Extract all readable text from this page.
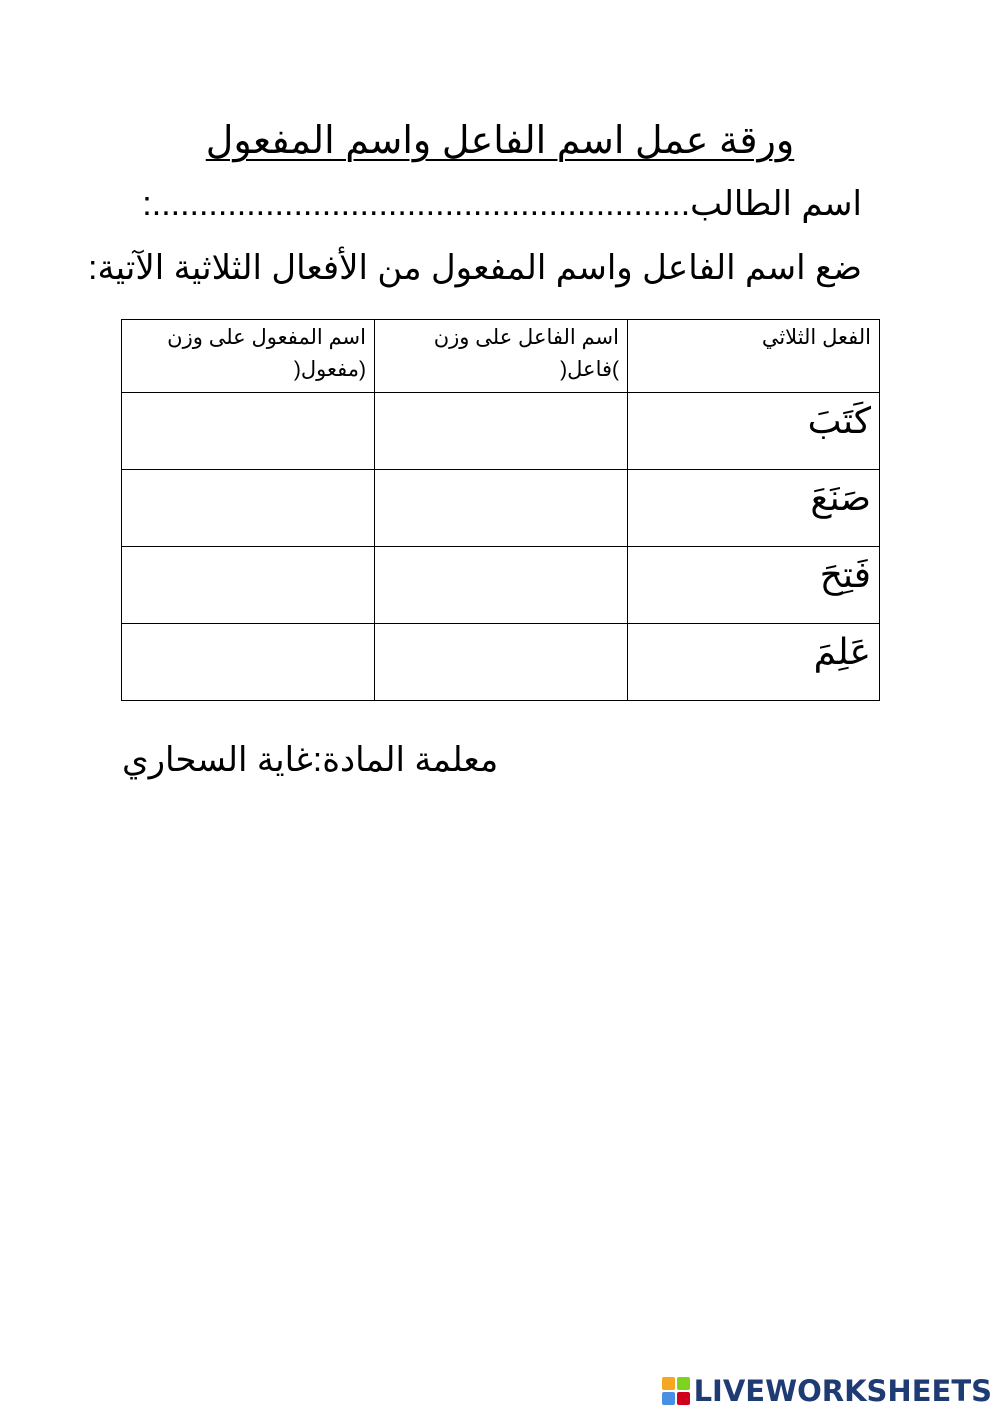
ورقة عمل اسم الفاعل واسم المفعول
اسم الطالب.........................................................:
ضع اسم الفاعل واسم المفعول من الأفعال الثلاثية الآتية:
الفعل الثلاثي	اسم الفاعل على وزن )فاعل(	اسم المفعول على وزن (مفعول(
كَتَبَ		
صَنَعَ		
فَتِحَ		
عَلِمَ		
معلمة المادة:غاية السحاري
LIVEWORKSHEETS
